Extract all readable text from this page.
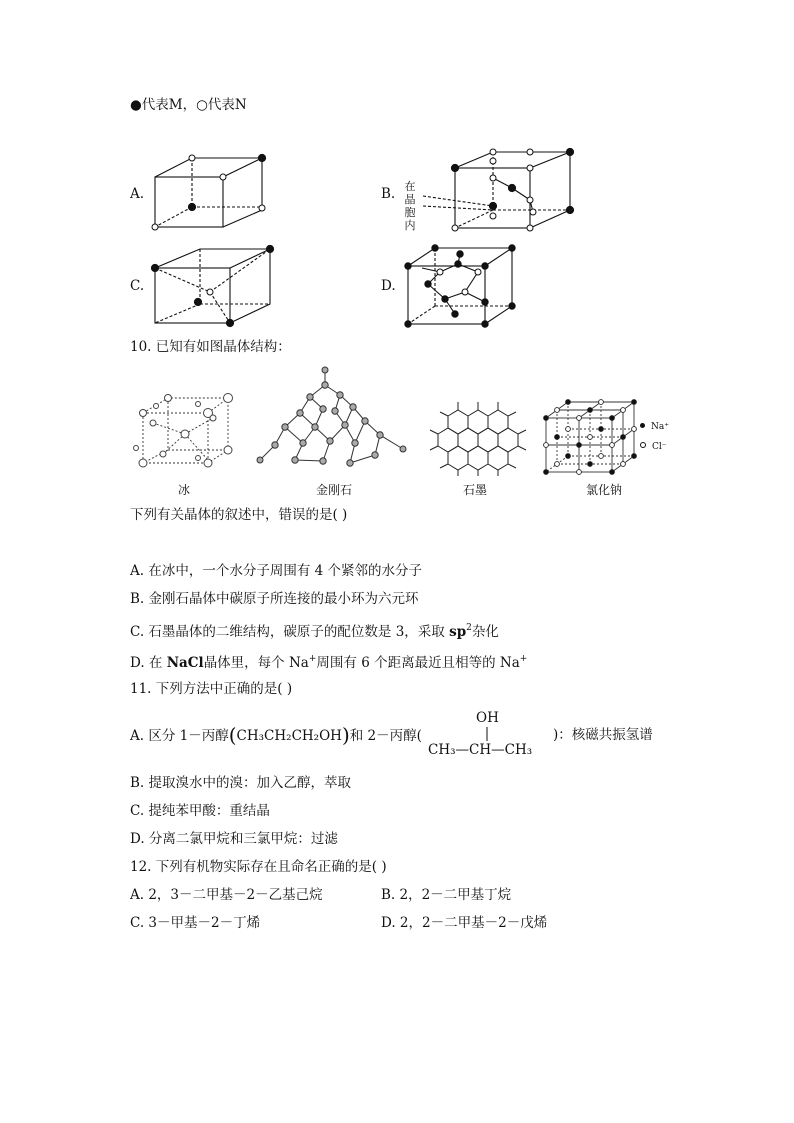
●代表M，○代表N
A.	B.
C.	D.
在
晶
胞
内
10. 已知有如图晶体结构：
冰	金刚石	石墨
Na⁺
Cl⁻
氯化钠
下列有关晶体的叙述中，错误的是( )
A. 在冰中，一个水分子周围有 4 个紧邻的水分子
B. 金刚石晶体中碳原子所连接的最小环为六元环
C. 石墨晶体的二维结构，碳原子的配位数是 3，采取 $sp^2$杂化
D. 在 NaCl晶体里，每个 Na+周围有 6 个距离最近且相等的 Na+
11. 下列方法中正确的是( )
A. 区分 1－丙醇(CH₃CH₂CH₂OH)和 2－丙醇(
OH
CH₃—CH—CH₃
)：核磁共振氢谱
B. 提取溴水中的溴：加入乙醇，萃取
C. 提纯苯甲酸：重结晶
D. 分离二氯甲烷和三氯甲烷：过滤
12. 下列有机物实际存在且命名正确的是( )
A. 2，3－二甲基－2－乙基己烷	B. 2，2－二甲基丁烷
C. 3－甲基－2－丁烯	D. 2，2－二甲基－2－戊烯
